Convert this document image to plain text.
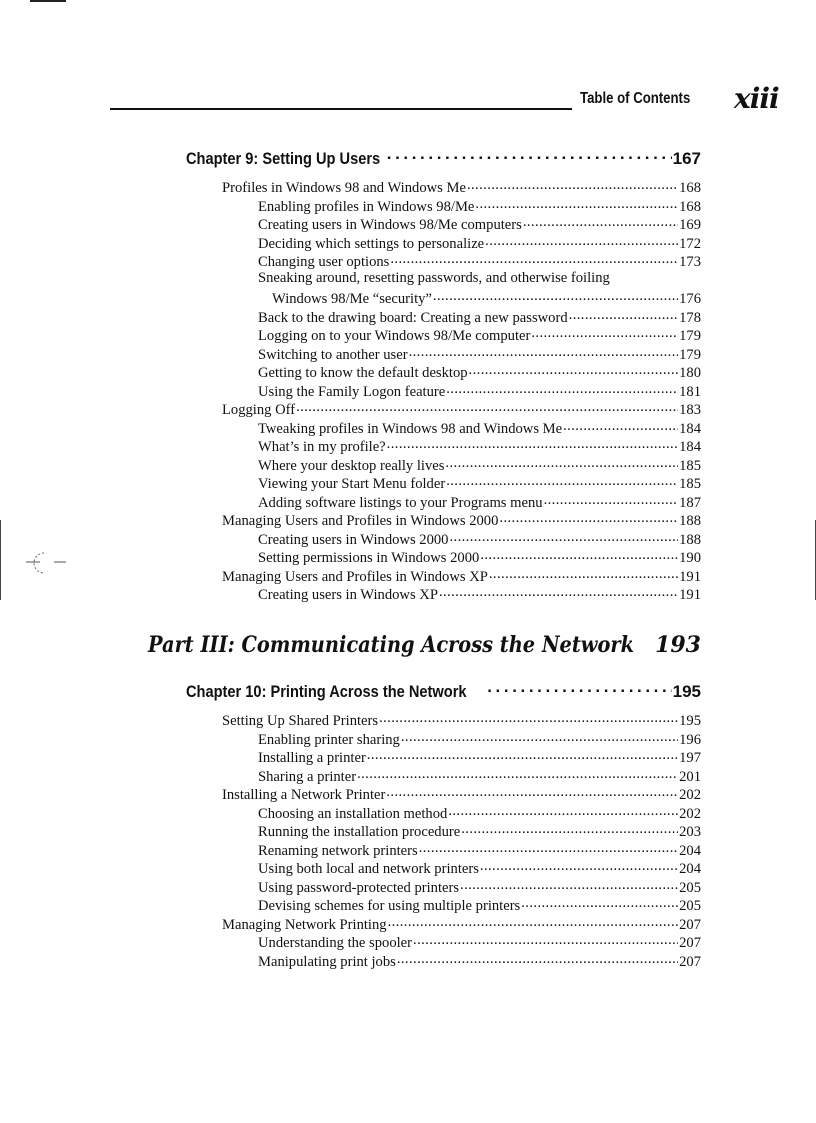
Table of Contents xiii
Chapter 9: Setting Up Users .....	167
Profiles in Windows 98 and Windows Me .....	168
Enabling profiles in Windows 98/Me .....	168
Creating users in Windows 98/Me computers .....	169
Deciding which settings to personalize .....	172
Changing user options .....	173
Sneaking around, resetting passwords, and otherwise foiling
Windows 98/Me “security” .....	176
Back to the drawing board: Creating a new password .....	178
Logging on to your Windows 98/Me computer .....	179
Switching to another user .....	179
Getting to know the default desktop .....	180
Using the Family Logon feature .....	181
Logging Off .....	183
Tweaking profiles in Windows 98 and Windows Me .....	184
What’s in my profile? .....	184
Where your desktop really lives .....	185
Viewing your Start Menu folder .....	185
Adding software listings to your Programs menu .....	187
Managing Users and Profiles in Windows 2000 .....	188
Creating users in Windows 2000 .....	188
Setting permissions in Windows 2000 .....	190
Managing Users and Profiles in Windows XP .....	191
Creating users in Windows XP .....	191
Part III: Communicating Across the Network ..... 193
Chapter 10: Printing Across the Network .....	195
Setting Up Shared Printers .....	195
Enabling printer sharing .....	196
Installing a printer .....	197
Sharing a printer .....	201
Installing a Network Printer .....	202
Choosing an installation method .....	202
Running the installation procedure .....	203
Renaming network printers .....	204
Using both local and network printers .....	204
Using password-protected printers .....	205
Devising schemes for using multiple printers .....	205
Managing Network Printing .....	207
Understanding the spooler .....	207
Manipulating print jobs .....	207
